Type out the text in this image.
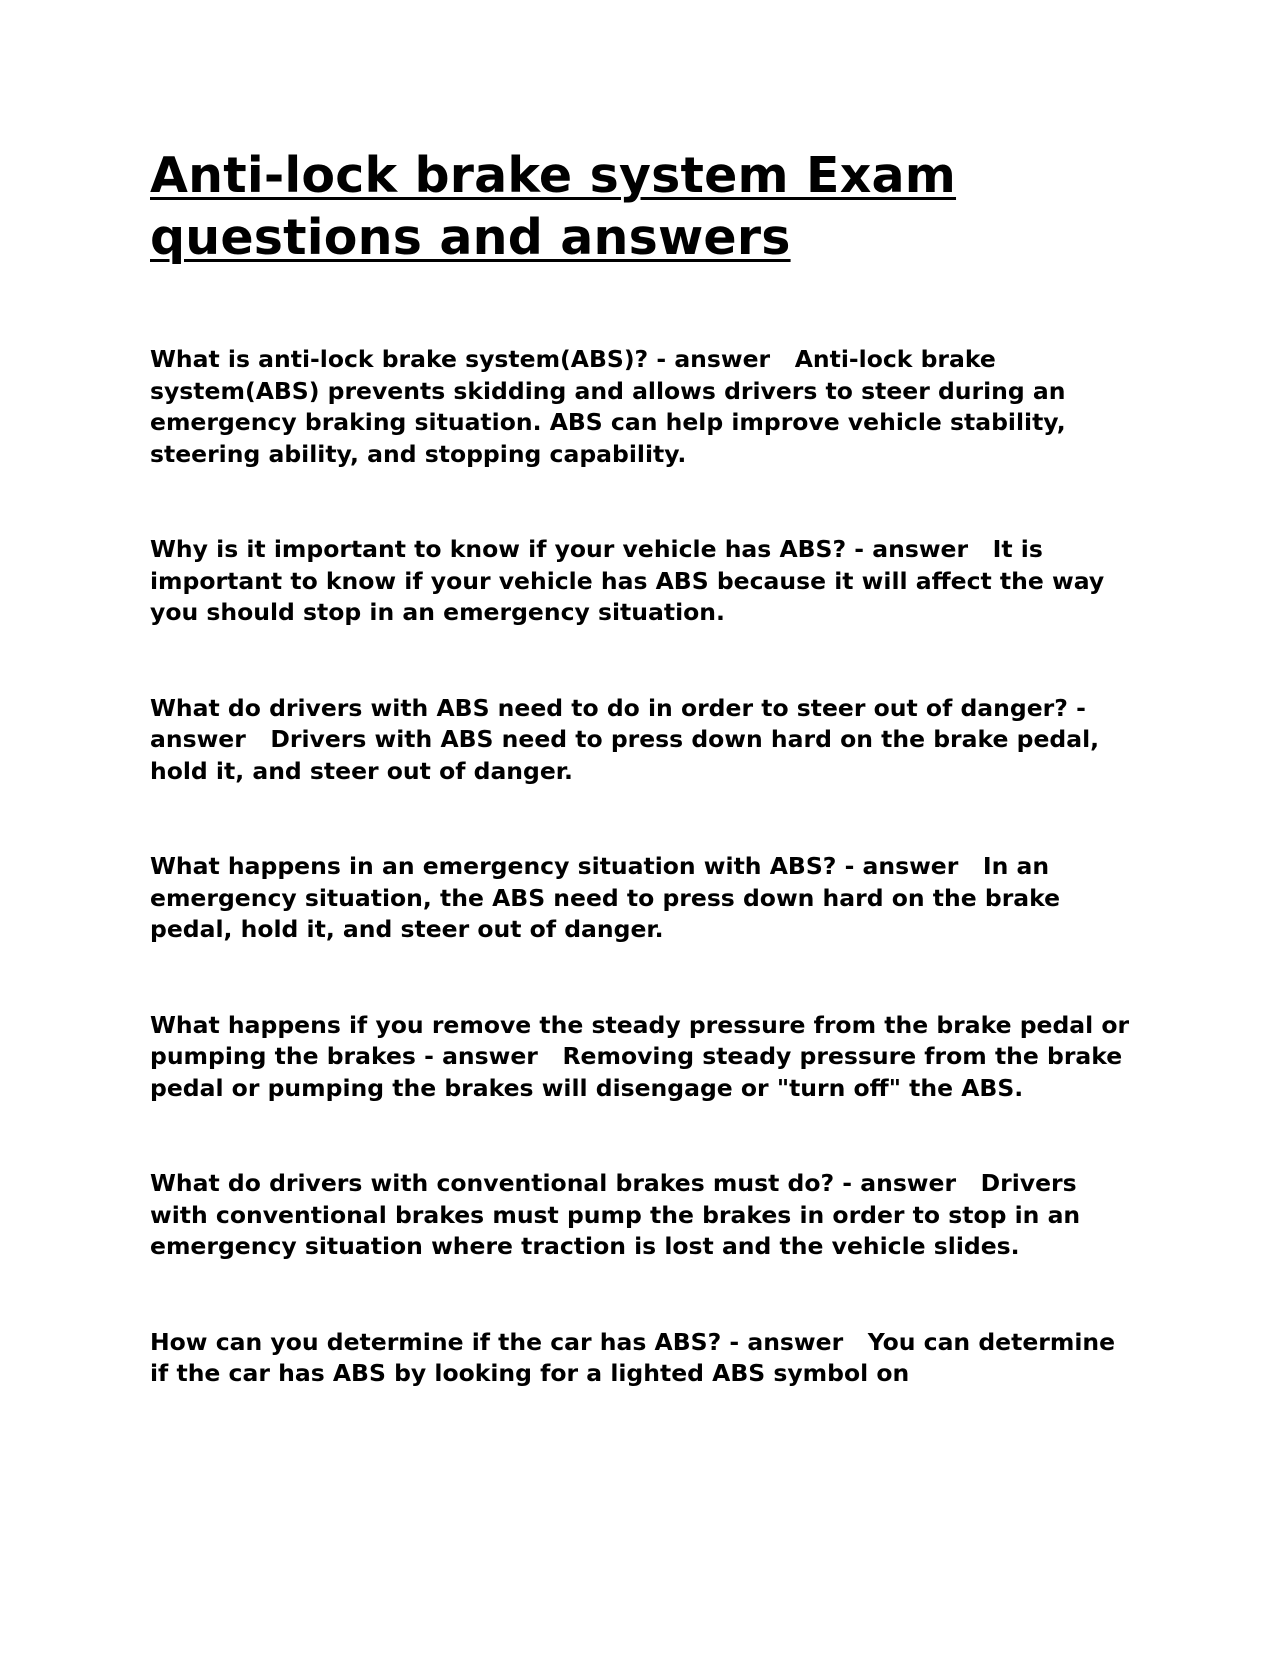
Anti-lock brake system Exam
questions and answers

What is anti-lock brake system(ABS)? - answer Anti-lock brake system(ABS) prevents skidding and allows drivers to steer during an emergency braking situation. ABS can help improve vehicle stability, steering ability, and stopping capability.

Why is it important to know if your vehicle has ABS? - answer It is important to know if your vehicle has ABS because it will affect the way you should stop in an emergency situation.

What do drivers with ABS need to do in order to steer out of danger? - answer Drivers with ABS need to press down hard on the brake pedal, hold it, and steer out of danger.

What happens in an emergency situation with ABS? - answer In an emergency situation, the ABS need to press down hard on the brake pedal, hold it, and steer out of danger.

What happens if you remove the steady pressure from the brake pedal or pumping the brakes - answer Removing steady pressure from the brake pedal or pumping the brakes will disengage or "turn off" the ABS.

What do drivers with conventional brakes must do? - answer Drivers with conventional brakes must pump the brakes in order to stop in an emergency situation where traction is lost and the vehicle slides.

How can you determine if the car has ABS? - answer You can determine if the car has ABS by looking for a lighted ABS symbol on
